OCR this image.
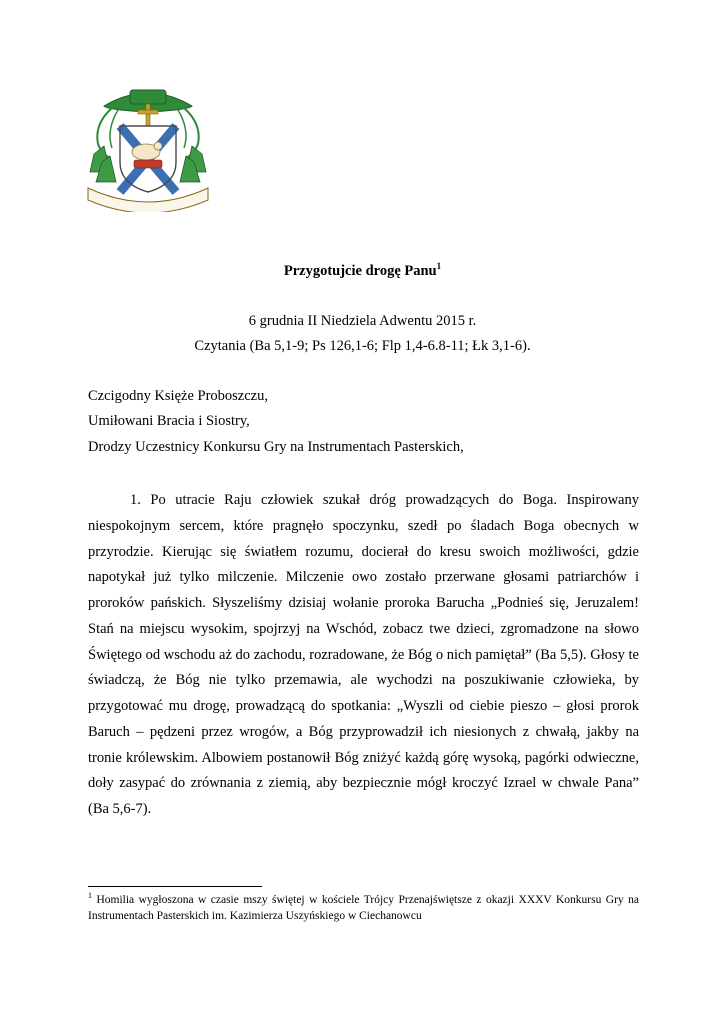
Przygotujcie drogę Panu$^1$
6 grudnia II Niedziela Adwentu 2015 r.
Czytania (Ba 5,1-9; Ps 126,1-6; Flp 1,4-6.8-11; Łk 3,1-6).
Czcigodny Księże Proboszczu,
Umiłowani Bracia i Siostry,
Drodzy Uczestnicy Konkursu Gry na Instrumentach Pasterskich,
1. Po utracie Raju człowiek szukał dróg prowadzących do Boga. Inspirowany niespokojnym sercem, które pragnęło spoczynku, szedł po śladach Boga obecnych w przyrodzie. Kierując się światłem rozumu, docierał do kresu swoich możliwości, gdzie napotykał już tylko milczenie. Milczenie owo zostało przerwane głosami patriarchów i proroków pańskich. Słyszeliśmy dzisiaj wołanie proroka Barucha „Podnieś się, Jeruzalem! Stań na miejscu wysokim, spojrzyj na Wschód, zobacz twe dzieci, zgromadzone na słowo Świętego od wschodu aż do zachodu, rozradowane, że Bóg o nich pamiętał” (Ba 5,5). Głosy te świadczą, że Bóg nie tylko przemawia, ale wychodzi na poszukiwanie człowieka, by przygotować mu drogę, prowadzącą do spotkania: „Wyszli od ciebie pieszo – głosi prorok Baruch – pędzeni przez wrogów, a Bóg przyprowadził ich niesionych z chwałą, jakby na tronie królewskim. Albowiem postanowił Bóg zniżyć każdą górę wysoką, pagórki odwieczne, doły zasypać do zrównania z ziemią, aby bezpiecznie mógł kroczyć Izrael w chwale Pana” (Ba 5,6-7).
$^1$ Homilia wygłoszona w czasie mszy świętej w kościele Trójcy Przenajświętsze z okazji XXXV Konkursu Gry na Instrumentach Pasterskich im. Kazimierza Uszyńskiego w Ciechanowcu
